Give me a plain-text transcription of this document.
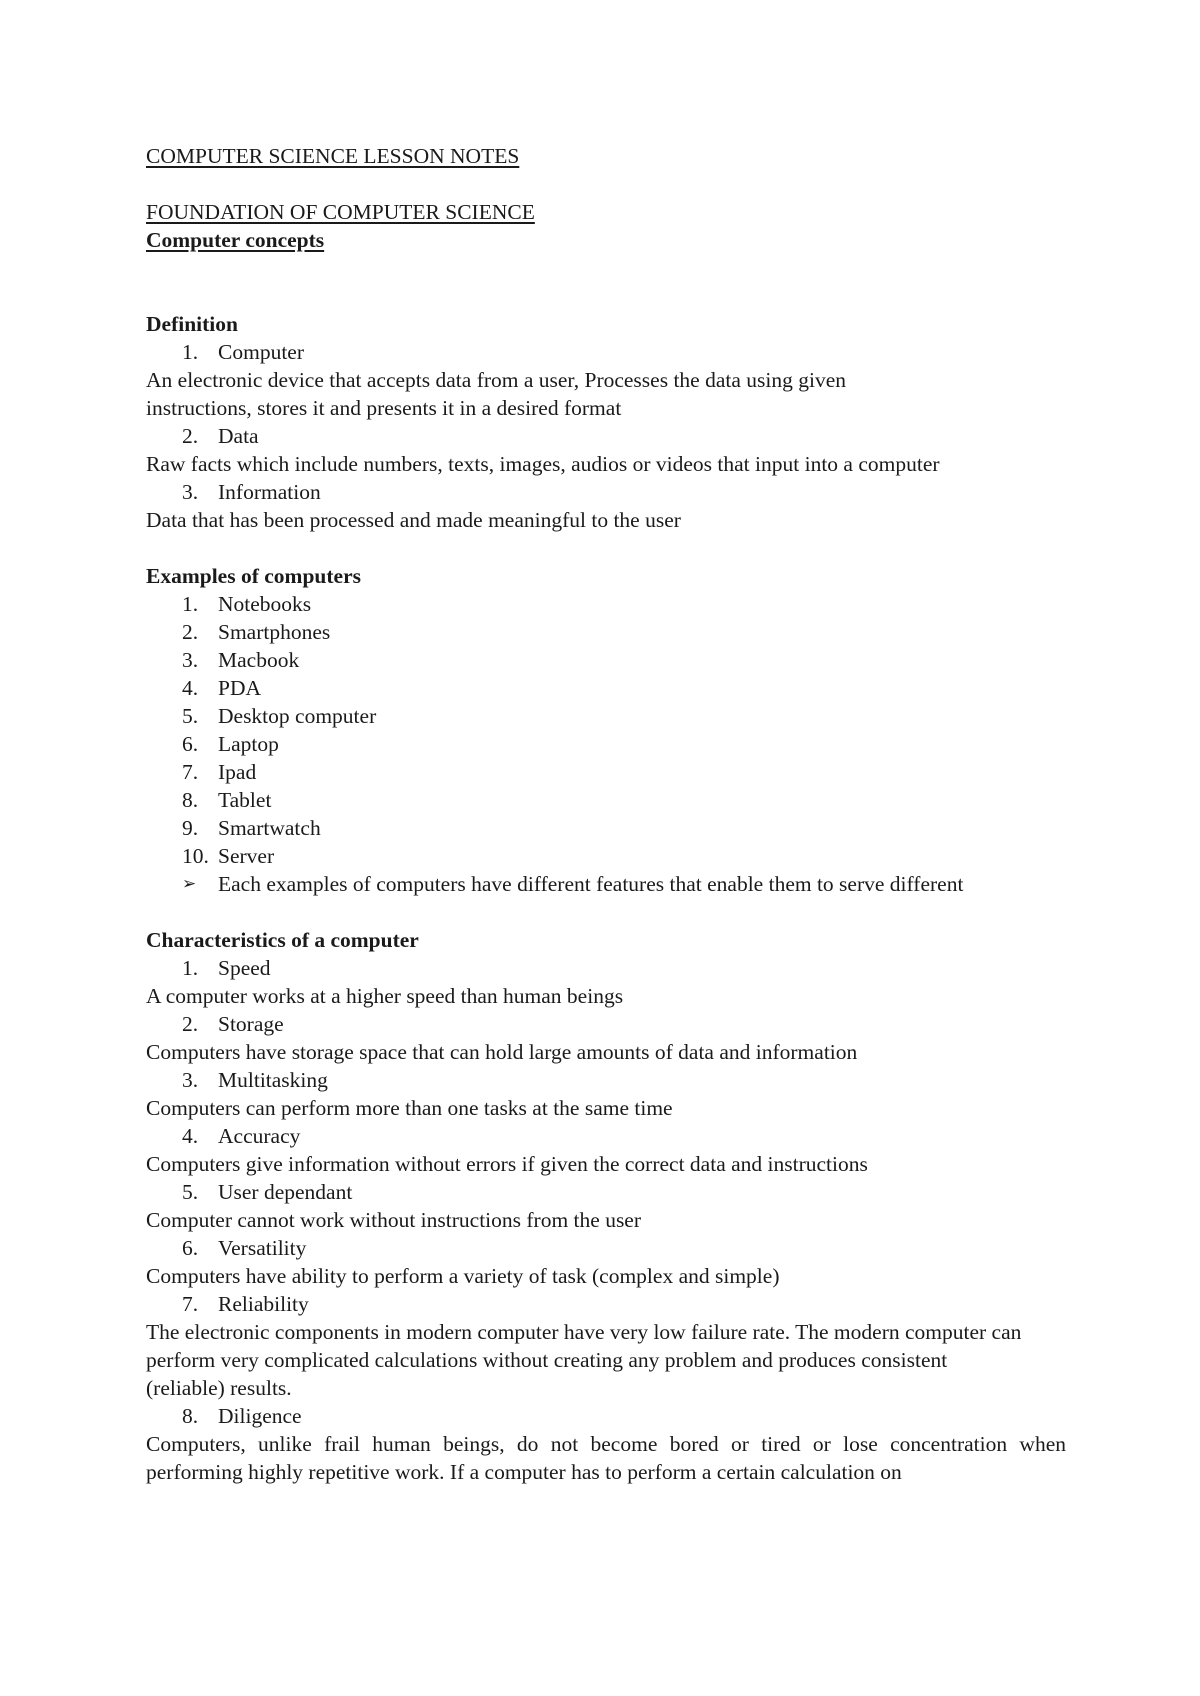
COMPUTER SCIENCE LESSON NOTES
FOUNDATION OF COMPUTER SCIENCE
Computer concepts
Definition
1. Computer
An electronic device that accepts data from a user, Processes the data using given instructions, stores it and presents it in a desired format
2. Data
Raw facts which include numbers, texts, images, audios or videos that input into a computer
3. Information
Data that has been processed and made meaningful to the user
Examples of computers
1. Notebooks
2. Smartphones
3. Macbook
4. PDA
5. Desktop computer
6. Laptop
7. Ipad
8. Tablet
9. Smartwatch
10. Server
➢ Each examples of computers have different features that enable them to serve different
Characteristics of a computer
1. Speed
A computer works at a higher speed than human beings
2. Storage
Computers have storage space that can hold large amounts of data and information
3. Multitasking
Computers can perform more than one tasks at the same time
4. Accuracy
Computers give information without errors if given the correct data and instructions
5. User dependant
Computer cannot work without instructions from the user
6. Versatility
Computers have ability to perform a variety of task (complex and simple)
7. Reliability
The electronic components in modern computer have very low failure rate. The modern computer can perform very complicated calculations without creating any problem and produces consistent (reliable) results.
8. Diligence
Computers, unlike frail human beings, do not become bored or tired or lose concentration when performing highly repetitive work. If a computer has to perform a certain calculation on
